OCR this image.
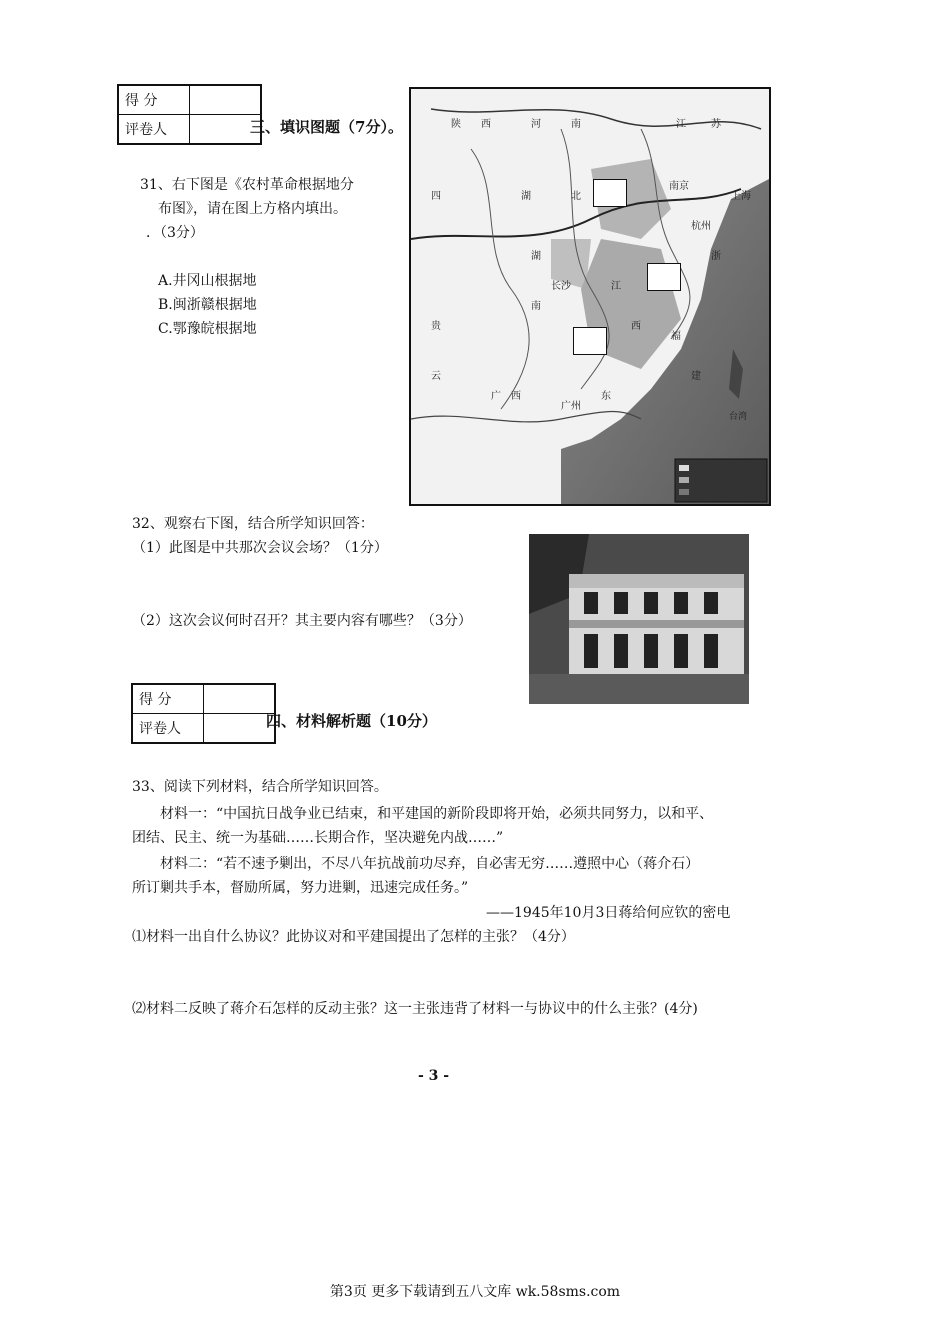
得 分	
评卷人		三、填识图题（7分）。
31、右下图是《农村革命根据地分
布图》，请在图上方格内填出。
．（3分）
A.井冈山根据地
B.闽浙赣根据地
C.鄂豫皖根据地
陕 西	河	南	江	苏
四	湖	北
南京
上海
杭州
浙
湖
南
长沙	江
西
福
建
广 西
广州
东
台湾
贵
云
32、观察右下图，结合所学知识回答：
（1）此图是中共那次会议会场？（1分）
（2）这次会议何时召开？其主要内容有哪些？（3分）
得 分	
评卷人		四、材料解析题（10分）
33、阅读下列材料，结合所学知识回答。
材料一：“中国抗日战争业已结束，和平建国的新阶段即将开始，必须共同努力，以和平、
团结、民主、统一为基础……长期合作，坚决避免内战……”
材料二：“若不速予剿出，不尽八年抗战前功尽弃，自必害无穷……遵照中心（蒋介石）
所订剿共手本，督励所属，努力进剿，迅速完成任务。”
——1945年10月3日蒋给何应钦的密电
⑴材料一出自什么协议？此协议对和平建国提出了怎样的主张？（4分）
⑵材料二反映了蒋介石怎样的反动主张？这一主张违背了材料一与协议中的什么主张？(4分)
- 3 -
第3页 更多下载请到五八文库 wk.58sms.com
